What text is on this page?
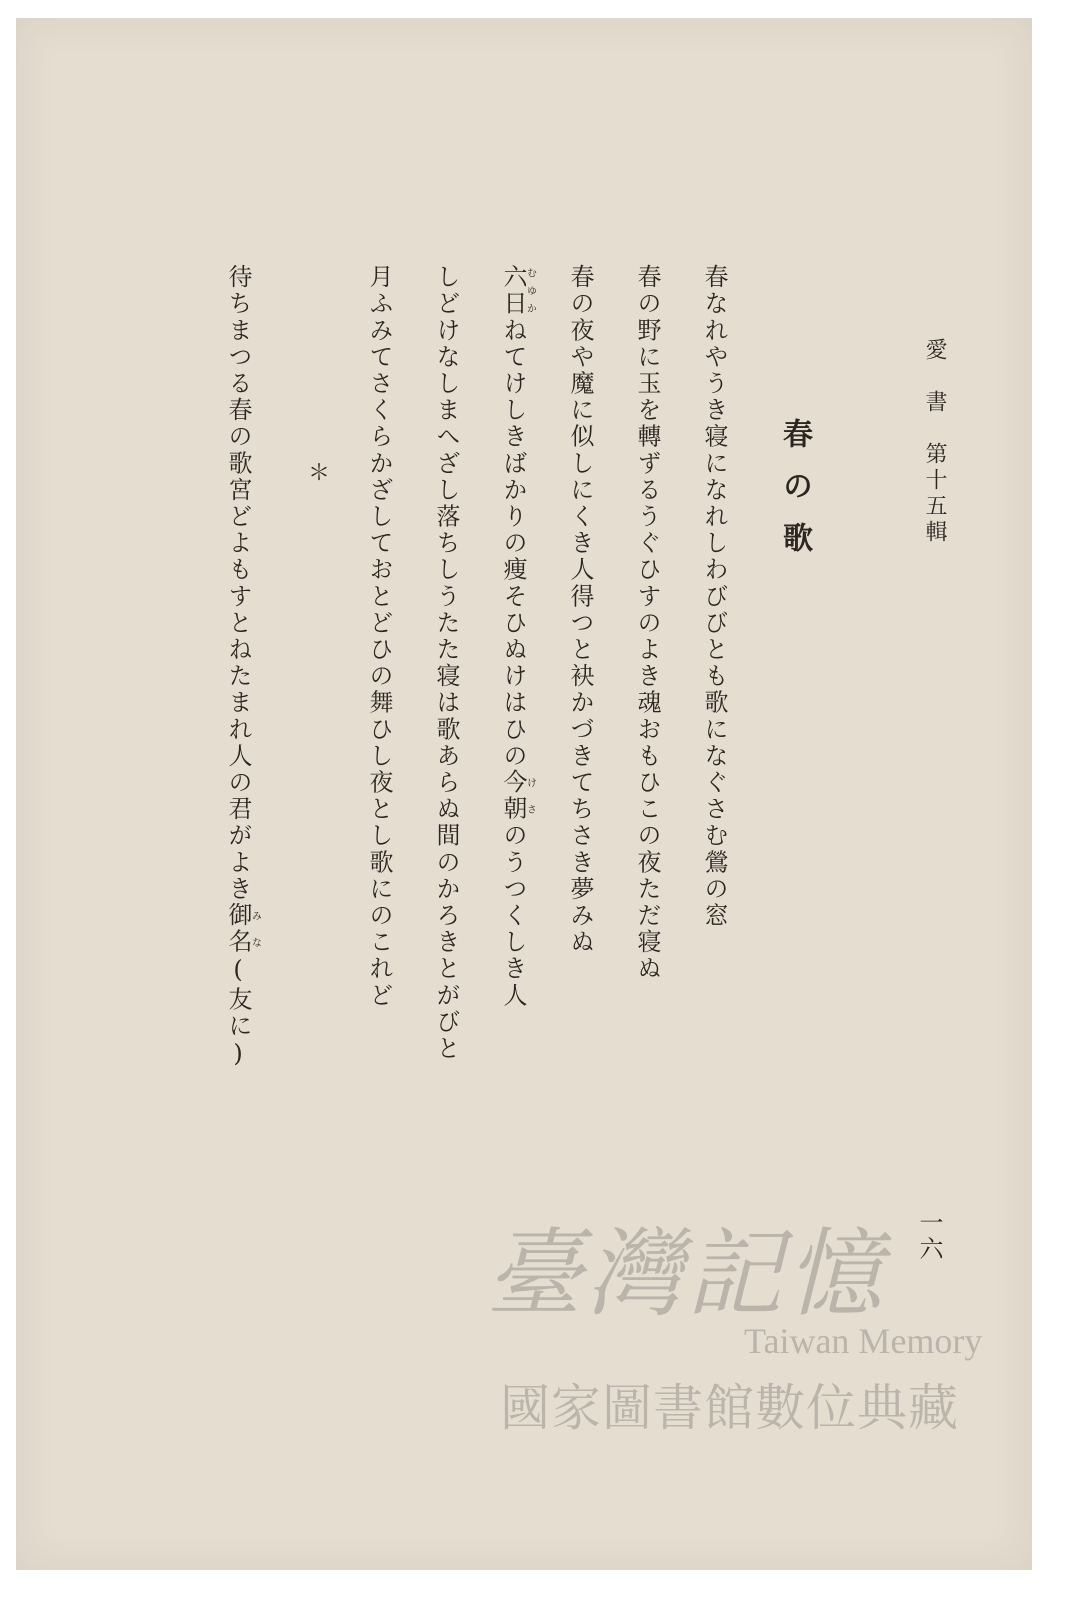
愛　書　第十五輯
春の歌
春なれやうき寝になれしわびびとも歌になぐさむ鶯の窓
春の野に玉を轉ずるうぐひすのよき魂おもひこの夜ただ寝ぬ
春の夜や魔に似しにくき人得つと袂かづきてちさき夢みぬ
六日むゆかねてけしきばかりの痩そひぬけはひの今朝けさのうつくしき人
しどけなしまへざし落ちしうたた寝は歌あらぬ間のかろきとがびと
月ふみてさくらかざしておとどひの舞ひし夜とし歌にのこれど
＊
待ちまつる春の歌宮どよもすとねたまれ人の君がよき御名みな(友に)
一六
臺灣記憶
Taiwan Memory
國家圖書館數位典藏
